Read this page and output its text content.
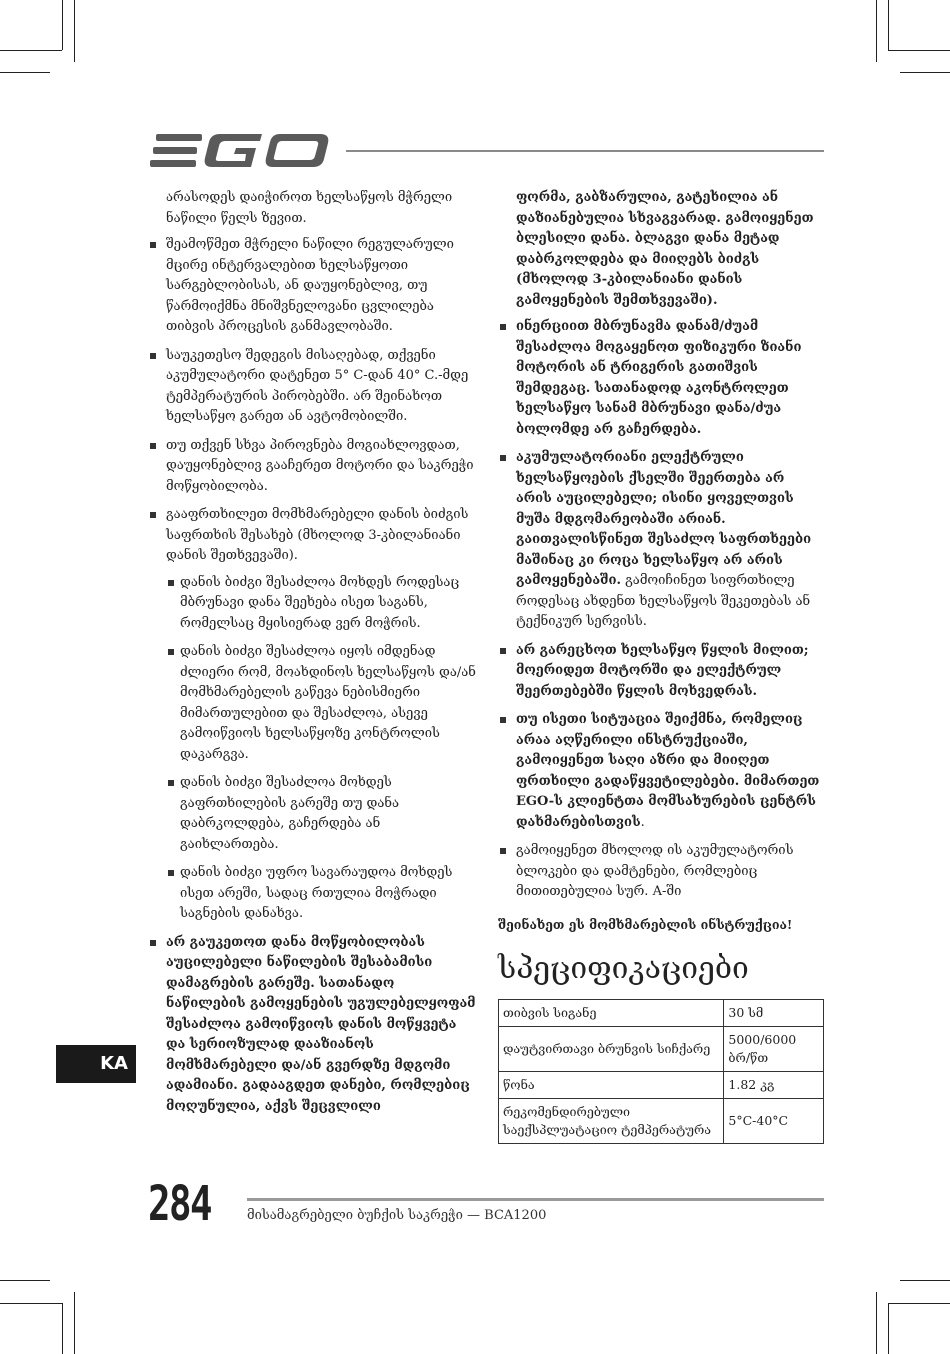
არასოდეს დაიჭიროთ ხელსაწყოს მჭრელი ნაწილი წელს ზევით.

შეამოწმეთ მჭრელი ნაწილი რეგულარული მცირე ინტერვალებით ხელსაწყოთი სარგებლობისას, ან დაუყონებლივ, თუ წარმოიქმნა მნიშვნელოვანი ცვლილება თიბვის პროცესის განმავლობაში.
საუკეთესო შედეგის მისაღებად, თქვენი აკუმულატორი დატენეთ 5° C-დან 40° C.-მდე ტემპერატურის პირობებში. არ შეინახოთ ხელსაწყო გარეთ ან ავტომობილში.
თუ თქვენ სხვა პიროვნება მოგიახლოვდათ, დაუყონებლივ გააჩერეთ მოტორი და საკრეჭი მოწყობილობა.
გააფრთხილეთ მომხმარებელი დანის ბიძგის საფრთხის შესახებ (მხოლოდ 3-კბილანიანი დანის შეთხვევაში).
დანის ბიძგი შესაძლოა მოხდეს როდესაც მბრუნავი დანა შეეხება ისეთ საგანს, რომელსაც მყისიერად ვერ მოჭრის.
დანის ბიძგი შესაძლოა იყოს იმდენად ძლიერი რომ, მოახდინოს ხელსაწყოს და/ან მომხმარებელის გაწევა ნებისმიერი მიმართულებით და შესაძლოა, ასევე გამოიწვიოს ხელსაწყოზე კონტროლის დაკარგვა.
დანის ბიძგი შესაძლოა მოხდეს გაფრთხილების გარეშე თუ დანა დაბრკოლდება, გაჩერდება ან გაიხლართება.
დანის ბიძგი უფრო სავარაუდოა მოხდეს ისეთ არეში, სადაც რთულია მოჭრადი საგნების დანახვა.
არ გაუკეთოთ დანა მოწყობილობას აუცილებელი ნაწილების შესაბამისი დამაგრების გარეშე. სათანადო ნაწილების გამოყენების უგულებელყოფამ შესაძლოა გამოიწვიოს დანის მოწყვეტა და სერიოზულად დააზიანოს მომხმარებელი და/ან გვერდზე მდგომი ადამიანი. გადააგდეთ დანები, რომლებიც მოღუნულია, აქვს შეცვლილი

ფორმა, გაბზარულია, გატეხილია ან დაზიანებულია სხვაგვარად. გამოიყენეთ ბლესილი დანა. ბლაგვი დანა მეტად დაბრკოლდება და მიიღებს ბიძგს (მხოლოდ 3-კბილანიანი დანის გამოყენების შემთხვევაში).

ინერციით მბრუნავმა დანამ/ძუამ შესაძლოა მოგაყენოთ ფიზიკური ზიანი მოტორის ან ტრიგერის გათიშვის შემდეგაც. სათანადოდ აკონტროლეთ ხელსაწყო სანამ მბრუნავი დანა/ძუა ბოლომდე არ გაჩერდება.
აკუმულატორიანი ელექტრული ხელსაწყოების ქსელში შეერთება არ არის აუცილებელი; ისინი ყოველთვის მუშა მდგომარეობაში არიან. გაითვალისწინეთ შესაძლო საფრთხეები მაშინაც კი როცა ხელსაწყო არ არის გამოყენებაში. გამოიჩინეთ სიფრთხილე როდესაც ახდენთ ხელსაწყოს შეკეთებას ან ტექნიკურ სერვისს.
არ გარეცხოთ ხელსაწყო წყლის მილით; მოერიდეთ მოტორში და ელექტრულ შეერთებებში წყლის მოხვედრას.
თუ ისეთი სიტუაცია შეიქმნა, რომელიც არაა აღწერილი ინსტრუქციაში, გამოიყენეთ საღი აზრი და მიიღეთ ფრთხილი გადაწყვეტილებები. მიმართეთ EGO-ს კლიენტთა მომსახურების ცენტრს დახმარებისთვის.
გამოიყენეთ მხოლოდ ის აკუმულატორის ბლოკები და დამტენები, რომლებიც მითითებულია სურ. A-ში
შეინახეთ ეს მომხმარებლის ინსტრუქცია!
სპეციფიკაციები
თიბვის სიგანე	30 სმ
დაუტვირთავი ბრუნვის სიჩქარე	5000/6000 ბრ/წთ
წონა	1.82 კგ
რეკომენდირებული საექსპლუატაციო ტემპერატურა	5°C-40°C
KA
284	მისამაგრებელი ბუჩქის საკრეჭი — BCA1200
